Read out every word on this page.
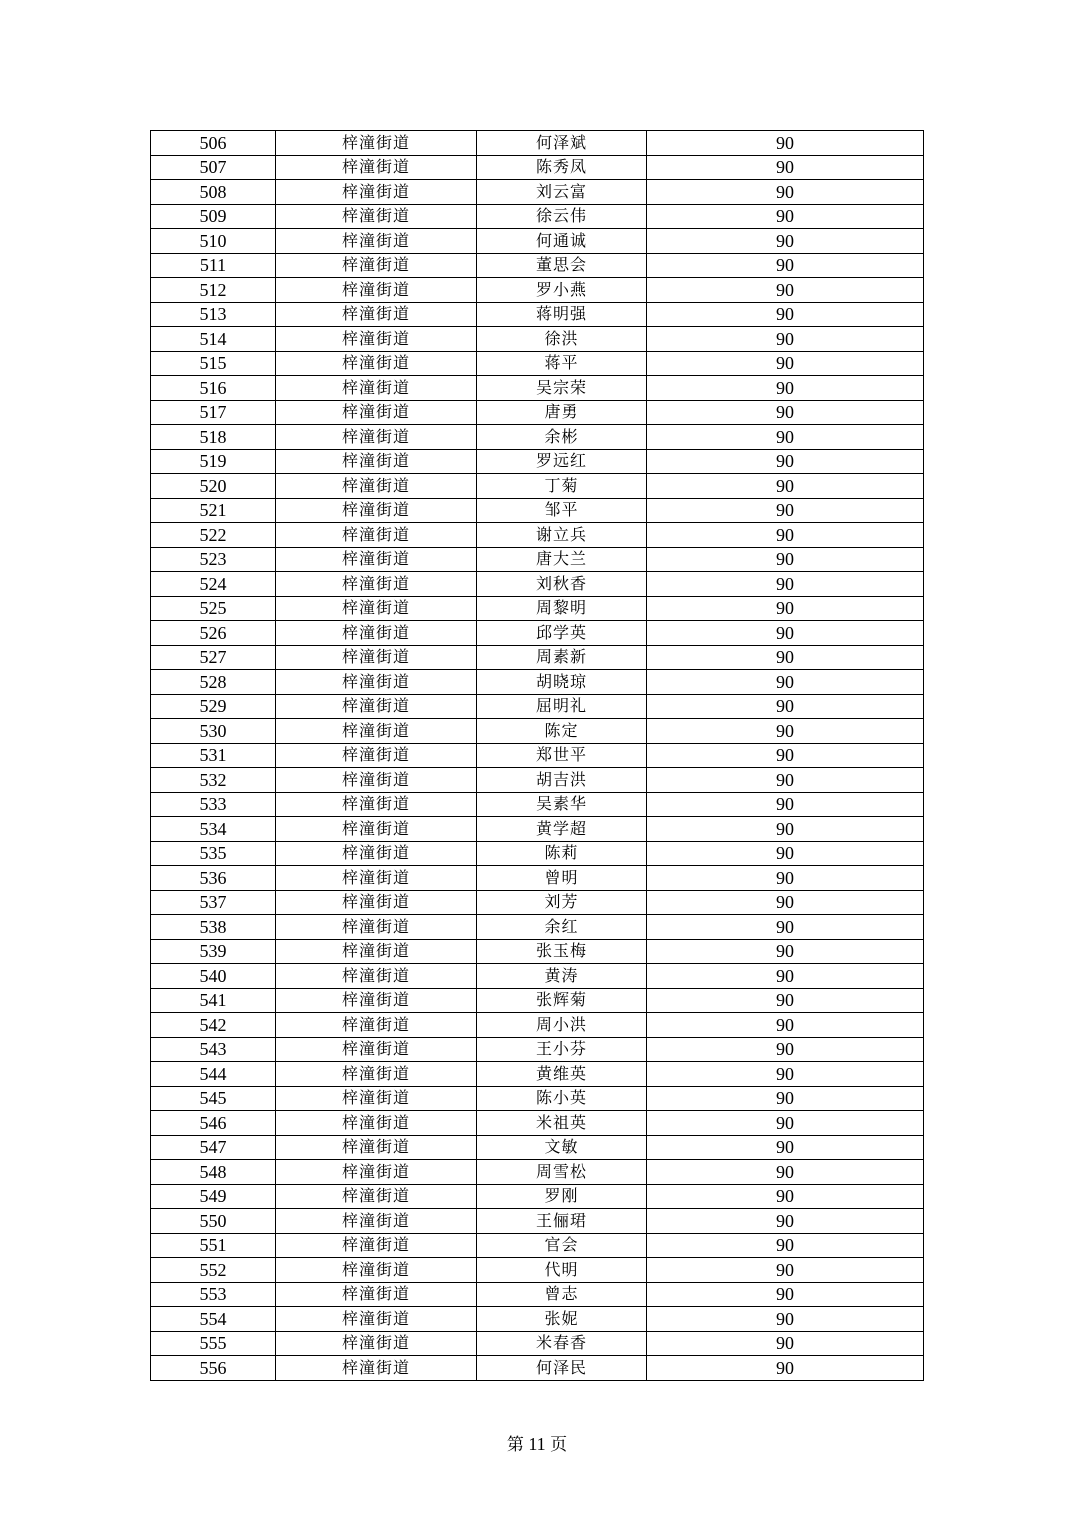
506	梓潼街道	何泽斌	90
507	梓潼街道	陈秀凤	90
508	梓潼街道	刘云富	90
509	梓潼街道	徐云伟	90
510	梓潼街道	何通诚	90
511	梓潼街道	董思会	90
512	梓潼街道	罗小燕	90
513	梓潼街道	蒋明强	90
514	梓潼街道	徐洪	90
515	梓潼街道	蒋平	90
516	梓潼街道	吴宗荣	90
517	梓潼街道	唐勇	90
518	梓潼街道	余彬	90
519	梓潼街道	罗远红	90
520	梓潼街道	丁菊	90
521	梓潼街道	邹平	90
522	梓潼街道	谢立兵	90
523	梓潼街道	唐大兰	90
524	梓潼街道	刘秋香	90
525	梓潼街道	周黎明	90
526	梓潼街道	邱学英	90
527	梓潼街道	周素新	90
528	梓潼街道	胡晓琼	90
529	梓潼街道	屈明礼	90
530	梓潼街道	陈定	90
531	梓潼街道	郑世平	90
532	梓潼街道	胡吉洪	90
533	梓潼街道	吴素华	90
534	梓潼街道	黄学超	90
535	梓潼街道	陈莉	90
536	梓潼街道	曾明	90
537	梓潼街道	刘芳	90
538	梓潼街道	余红	90
539	梓潼街道	张玉梅	90
540	梓潼街道	黄涛	90
541	梓潼街道	张辉菊	90
542	梓潼街道	周小洪	90
543	梓潼街道	王小芬	90
544	梓潼街道	黄维英	90
545	梓潼街道	陈小英	90
546	梓潼街道	米祖英	90
547	梓潼街道	文敏	90
548	梓潼街道	周雪松	90
549	梓潼街道	罗刚	90
550	梓潼街道	王俪珺	90
551	梓潼街道	官会	90
552	梓潼街道	代明	90
553	梓潼街道	曾志	90
554	梓潼街道	张妮	90
555	梓潼街道	米春香	90
556	梓潼街道	何泽民	90
第 11 页
